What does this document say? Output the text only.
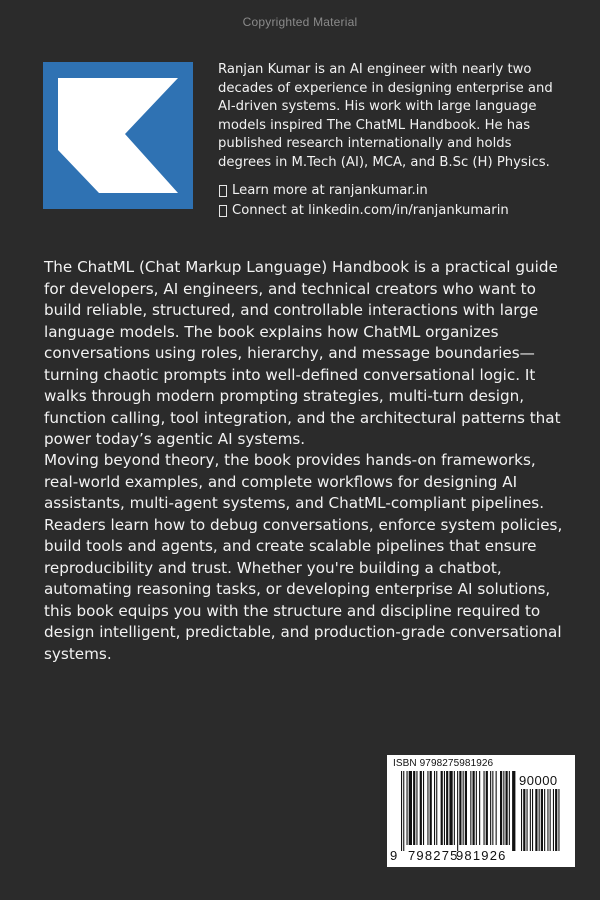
Copyrighted Material

Ranjan Kumar is an AI engineer with nearly two decades of experience in designing enterprise and AI-driven systems. His work with large language models inspired The ChatML Handbook. He has published research internationally and holds degrees in M.Tech (AI), MCA, and B.Sc (H) Physics.

Learn more at ranjankumar.in
Connect at linkedin.com/in/ranjankumarin

The ChatML (Chat Markup Language) Handbook is a practical guide for developers, AI engineers, and technical creators who want to build reliable, structured, and controllable interactions with large language models. The book explains how ChatML organizes conversations using roles, hierarchy, and message boundaries—turning chaotic prompts into well-defined conversational logic. It walks through modern prompting strategies, multi-turn design, function calling, tool integration, and the architectural patterns that power today’s agentic AI systems.

Moving beyond theory, the book provides hands-on frameworks, real-world examples, and complete workflows for designing AI assistants, multi-agent systems, and ChatML-compliant pipelines. Readers learn how to debug conversations, enforce system policies, build tools and agents, and create scalable pipelines that ensure reproducibility and trust. Whether you're building a chatbot, automating reasoning tasks, or developing enterprise AI solutions, this book equips you with the structure and discipline required to design intelligent, predictable, and production-grade conversational systems.

ISBN 9798275981926
90000
9 798275
981926
